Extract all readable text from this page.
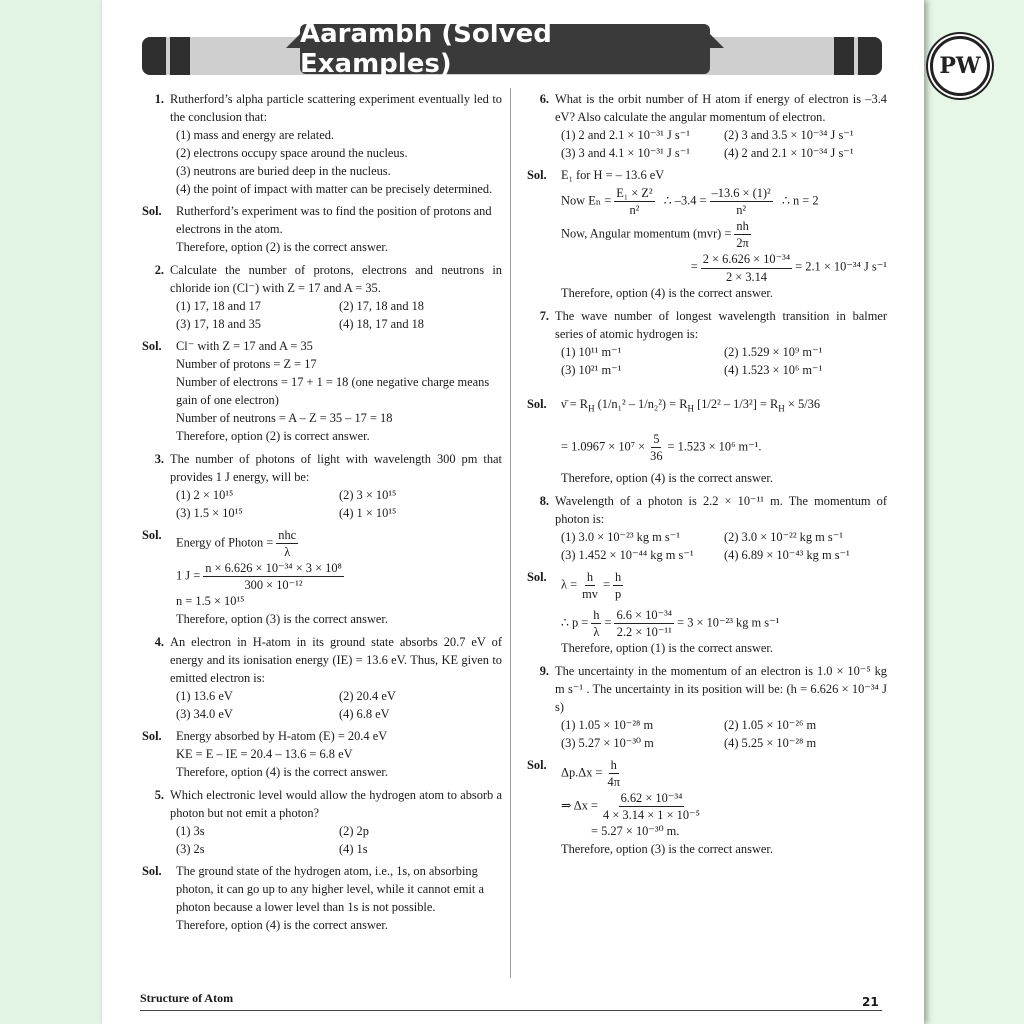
Aarambh (Solved Examples)
1. Rutherford’s alpha particle scattering experiment eventually led to the conclusion that:
(1) mass and energy are related.
(2) electrons occupy space around the nucleus.
(3) neutrons are buried deep in the nucleus.
(4) the point of impact with matter can be precisely determined.
Sol.	Rutherford’s experiment was to find the position of protons and electrons in the atom.
Therefore, option (2) is the correct answer.
2. Calculate the number of protons, electrons and neutrons in chloride ion (Cl⁻) with Z = 17 and A = 35.
(1) 17, 18 and 17	(2) 17, 18 and 18
(3) 17, 18 and 35	(4) 18, 17 and 18
Sol.	Cl⁻ with Z = 17 and A = 35
Number of protons = Z = 17
Number of electrons = 17 + 1 = 18 (one negative charge means gain of one electron)
Number of neutrons = A – Z = 35 – 17 = 18
Therefore, option (2) is correct answer.
3. The number of photons of light with wavelength 300 pm that provides 1 J energy, will be:
(1) 2 × 10¹⁵	(2) 3 × 10¹⁵
(3) 1.5 × 10¹⁵	(4) 1 × 10¹⁵
Sol.
Energy of Photon = $\frac{\text{nhc}}{\lambda}$
1 $J = \frac{\text{n × 6.626 × 10⁻³⁴ × 3 × 10⁸}}{\text{300 × 10⁻¹²}}$
n = 1.5 × 10¹⁵
Therefore, option (3) is the correct answer.
4. An electron in H-atom in its ground state absorbs 20.7 eV of energy and its ionisation energy (IE) = 13.6 eV. Thus, KE given to emitted electron is:
(1) 13.6 eV	(2) 20.4 eV
(3) 34.0 eV	(4) 6.8 eV
Sol.	Energy absorbed by H-atom (E) = 20.4 eV
KE = E – IE = 20.4 – 13.6 = 6.8 eV
Therefore, option (4) is the correct answer.
5. Which electronic level would allow the hydrogen atom to absorb a photon but not emit a photon?
(1) 3s	(2) 2p
(3) 2s	(4) 1s
Sol.	The ground state of the hydrogen atom, i.e., 1s, on absorbing photon, it can go up to any higher level, while it cannot emit a photon because a lower level than 1s is not possible.
Therefore, option (4) is the correct answer.
6. What is the orbit number of H atom if energy of electron is –3.4 eV? Also calculate the angular momentum of electron.
(1) 2 and 2.1 × 10⁻³¹ J s⁻¹	(2) 3 and 3.5 × 10⁻³⁴ J s⁻¹
(3) 3 and 4.1 × 10⁻³¹ J s⁻¹	(4) 2 and 2.1 × 10⁻³⁴ J s⁻¹
Sol.	E₁ for H = – 13.6 eV
Now $E_n = \frac{\text{E₁ × Z²}}{\text{n²}}$ ∴ $-3.4 = \frac{\text{–13.6 × (1)²}}{\text{n²}}$ ∴ n = 2
Now, Angular momentum $(mvr) = \frac{nh}{2\pi}$
= $\frac{\text{2 × 6.626 × 10⁻³⁴}}{2 \times 3.14} = 2.1 \times 10^{-34}$ J s⁻¹
Therefore, option (4) is the correct answer.
7. The wave number of longest wavelength transition in balmer series of atomic hydrogen is:
(1) 10¹¹ m⁻¹	(2) 1.529 × 10⁹ m⁻¹
(3) 10²¹ m⁻¹	(4) 1.523 × 10⁶ m⁻¹
Sol.	ν̄ = $R_H$ $(1/n_1^2 - 1/n_2^2) = R_H$ $[1/2^2 - 1/3^2] = R_H \times 5/36$
= $1.0967 \times 10^7 \times \frac{5}{36} = 1.523 \times 10^6$ m⁻¹.
Therefore, option (4) is the correct answer.
8. Wavelength of a photon is 2.2 × 10⁻¹¹ m. The momentum of photon is:
(1) 3.0 × 10⁻²³ kg m s⁻¹	(2) 3.0 × 10⁻²² kg m s⁻¹
(3) 1.452 × 10⁻⁴⁴ kg m s⁻¹	(4) 6.89 × 10⁻⁴³ kg m s⁻¹
Sol.
$\lambda = \frac{h}{mv} = \frac{h}{p}$
∴ $p = \frac{h}{\lambda} = \frac{\text{6.6 × 10⁻³⁴}}{\text{2.2 × 10⁻¹¹}} = 3 \times 10^{-23}$ kg m s⁻¹
Therefore, option (1) is the correct answer.
9. The uncertainty in the momentum of an electron is 1.0 × 10⁻⁵ kg m s⁻¹ . The uncertainty in its position will be: (h = 6.626 × 10⁻³⁴ J s)
(1) 1.05 × 10⁻²⁸ m	(2) 1.05 × 10⁻²⁶ m
(3) 5.27 × 10⁻³⁰ m	(4) 5.25 × 10⁻²⁸ m
Sol.
$\Delta p.\Delta x = \frac{h}{4\pi}$
⇒ $\Delta x = \frac{\text{6.62 × 10⁻³⁴}}{\text{4 × 3.14 × 1 × 10⁻⁵}}$
= 5.27 × 10⁻³⁰ m.
Therefore, option (3) is the correct answer.
Structure of Atom	21
PW
